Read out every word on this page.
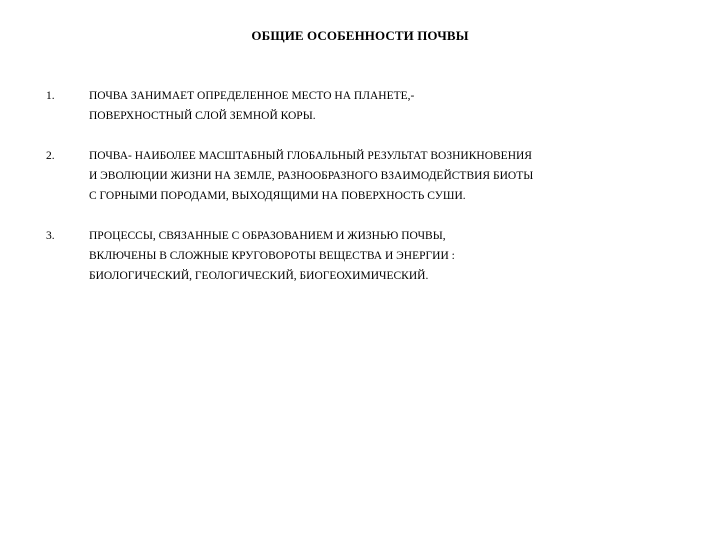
ОБЩИЕ ОСОБЕННОСТИ ПОЧВЫ
1.	ПОЧВА ЗАНИМАЕТ ОПРЕДЕЛЕННОЕ МЕСТО НА ПЛАНЕТЕ,-
ПОВЕРХНОСТНЫЙ СЛОЙ ЗЕМНОЙ КОРЫ.
2.	ПОЧВА- НАИБОЛЕЕ МАСШТАБНЫЙ ГЛОБАЛЬНЫЙ РЕЗУЛЬТАТ ВОЗНИКНОВЕНИЯ
И ЭВОЛЮЦИИ ЖИЗНИ НА ЗЕМЛЕ, РАЗНООБРАЗНОГО ВЗАИМОДЕЙСТВИЯ БИОТЫ
С ГОРНЫМИ ПОРОДАМИ, ВЫХОДЯЩИМИ НА ПОВЕРХНОСТЬ СУШИ.
3.	ПРОЦЕССЫ, СВЯЗАННЫЕ С ОБРАЗОВАНИЕМ И ЖИЗНЬЮ ПОЧВЫ,
ВКЛЮЧЕНЫ В СЛОЖНЫЕ КРУГОВОРОТЫ ВЕЩЕСТВА И ЭНЕРГИИ :
БИОЛОГИЧЕСКИЙ, ГЕОЛОГИЧЕСКИЙ, БИОГЕОХИМИЧЕСКИЙ.
